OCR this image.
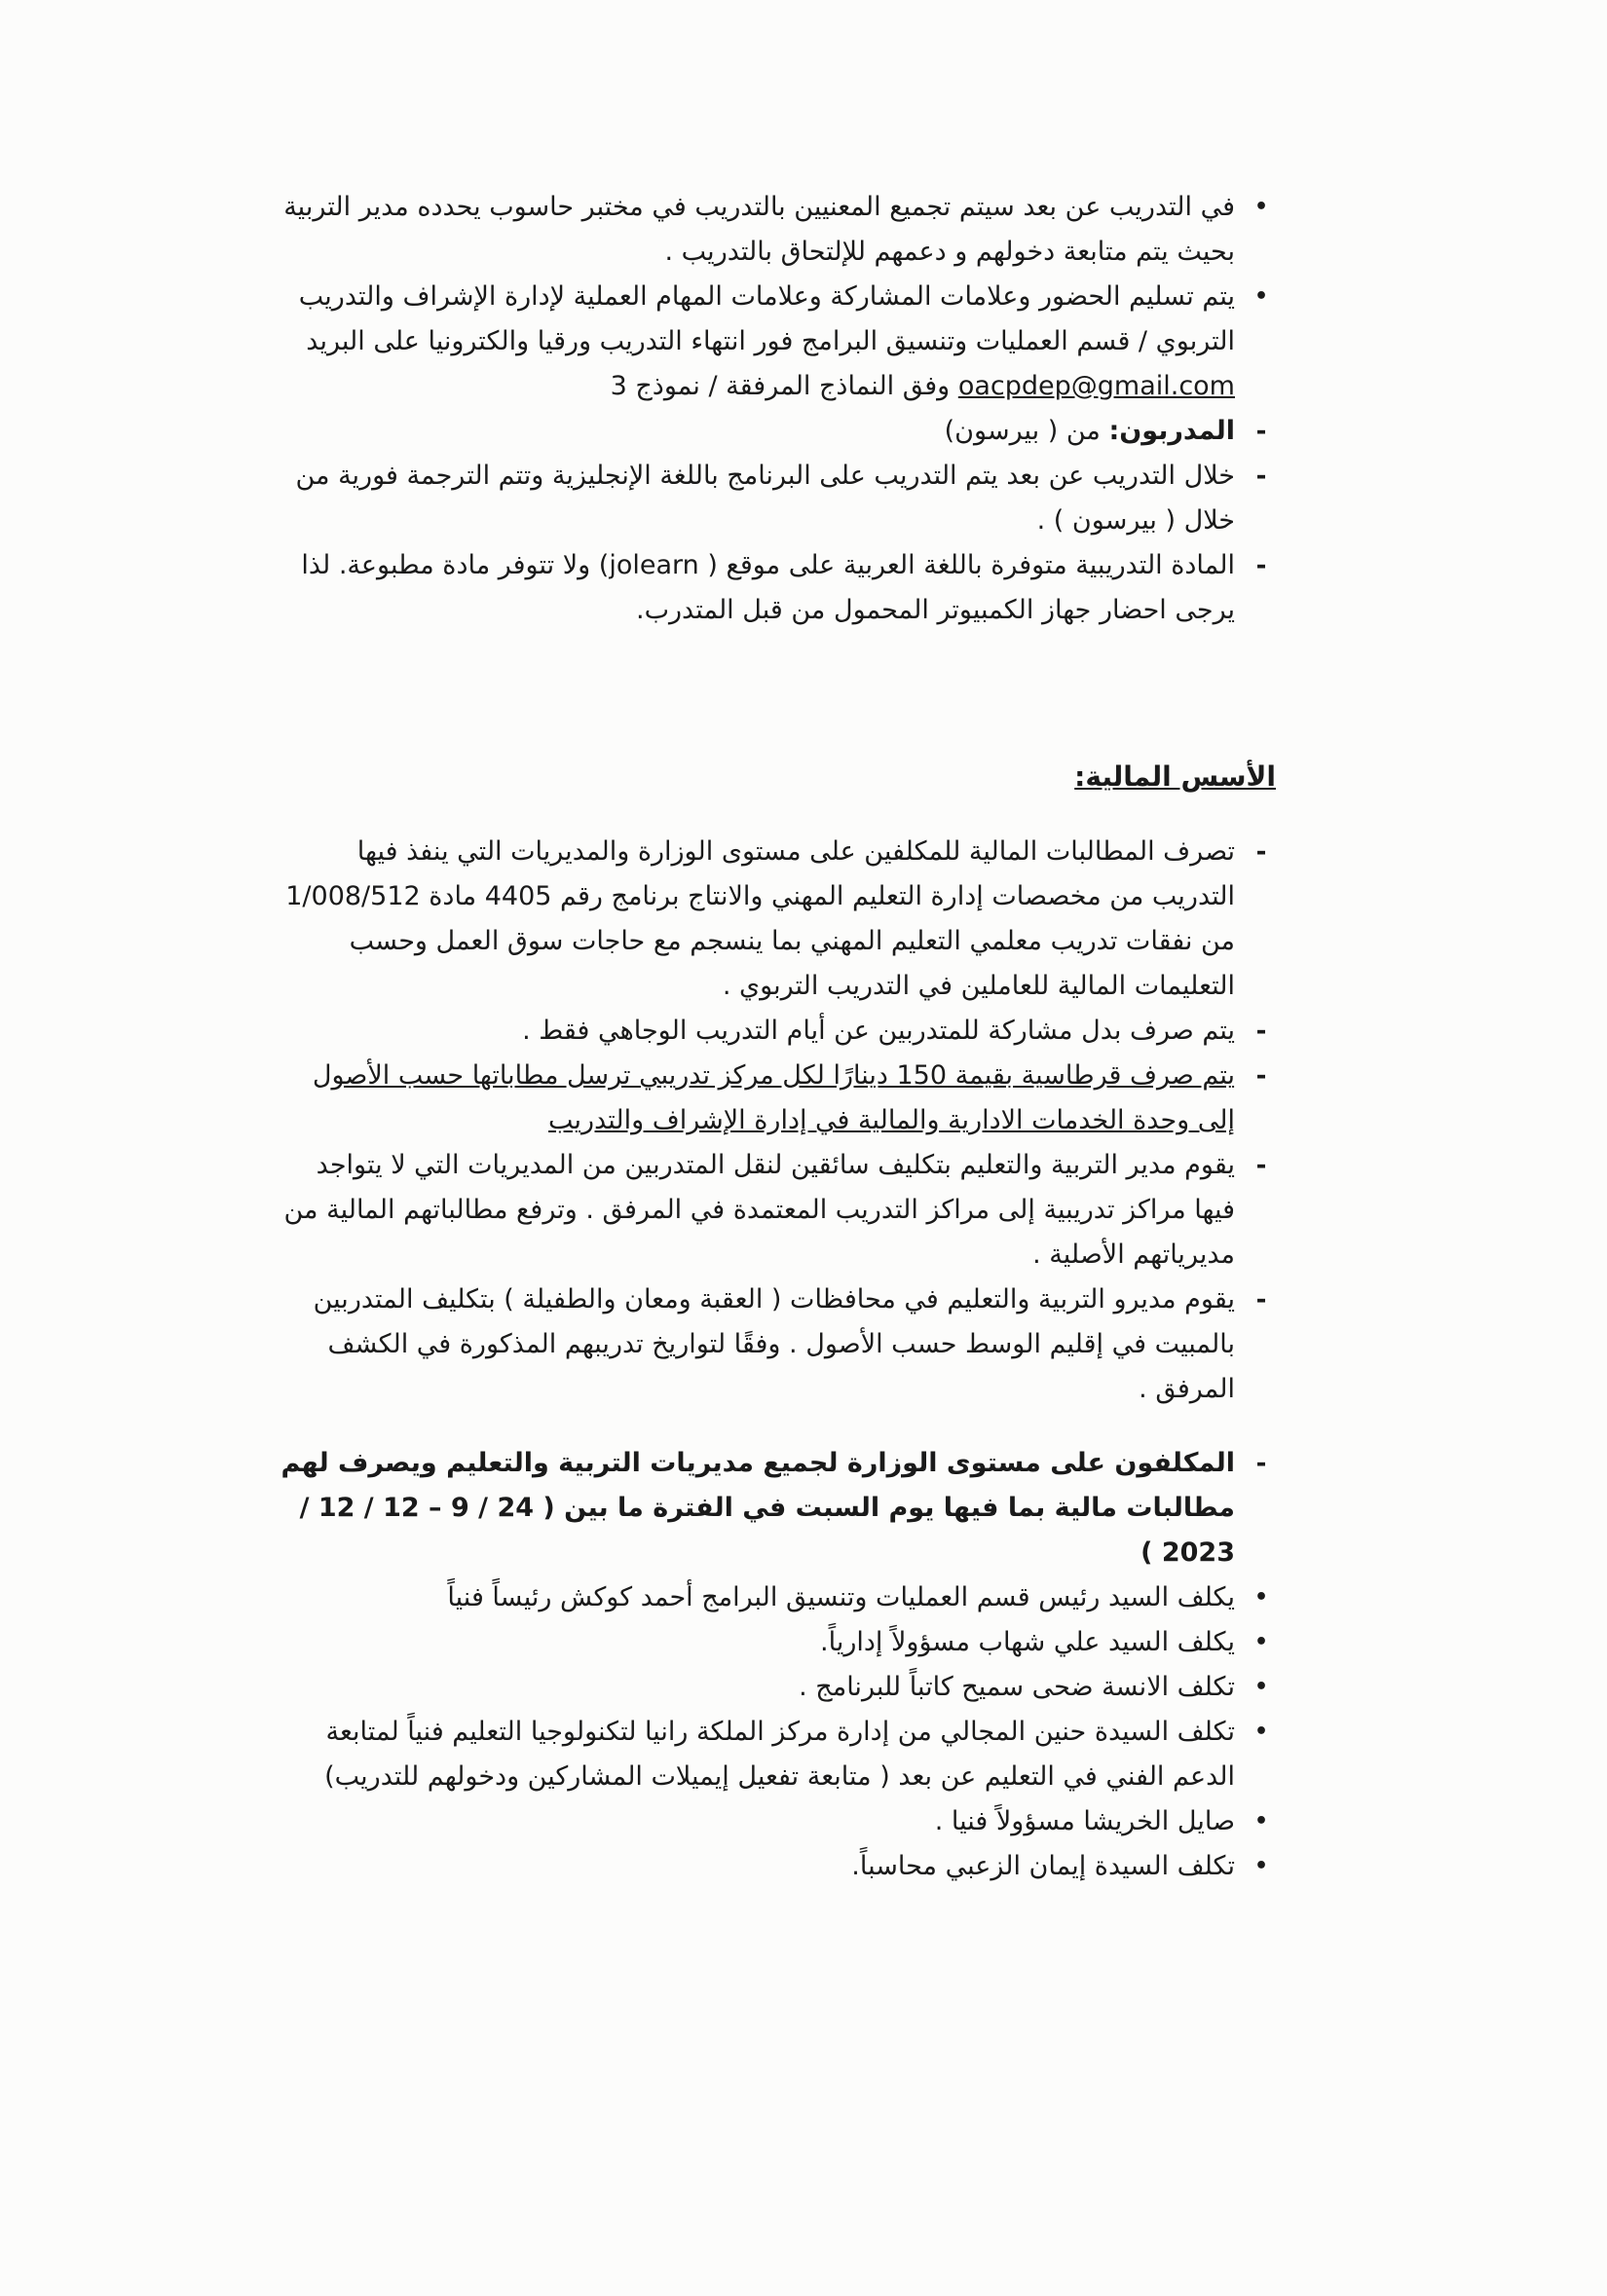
•
في التدريب عن بعد سيتم تجميع المعنيين بالتدريب في مختبر حاسوب يحدده مدير التربية بحيث يتم متابعة دخولهم و دعمهم للإلتحاق بالتدريب .
•
يتم تسليم الحضور وعلامات المشاركة وعلامات المهام العملية لإدارة الإشراف والتدريب التربوي / قسم العمليات وتنسيق البرامج فور انتهاء التدريب ورقيا والكترونيا على البريد oacpdep@gmail.com وفق النماذج المرفقة / نموذج 3
-
المدربون: من ( بيرسون)
-
خلال التدريب عن بعد يتم التدريب على البرنامج باللغة الإنجليزية وتتم الترجمة فورية من خلال ( بيرسون ) .
-
المادة التدريبية متوفرة باللغة العربية على موقع (jolearn ) ولا تتوفر مادة مطبوعة. لذا يرجى احضار جهاز الكمبيوتر المحمول من قبل المتدرب.
الأسس المالية:
-
تصرف المطالبات المالية للمكلفين على مستوى الوزارة والمديريات التي ينفذ فيها التدريب من مخصصات إدارة التعليم المهني والانتاج برنامج رقم 4405 مادة 1/008/512 من نفقات تدريب معلمي التعليم المهني بما ينسجم مع حاجات سوق العمل وحسب التعليمات المالية للعاملين في التدريب التربوي .
-
يتم صرف بدل مشاركة للمتدربين عن أيام التدريب الوجاهي فقط .
-
يتم صرف قرطاسية بقيمة 150 دينارًا لكل مركز تدريبي ترسل مطاباتها حسب الأصول إلى وحدة الخدمات الادارية والمالية في إدارة الإشراف والتدريب
-
يقوم مدير التربية والتعليم بتكليف سائقين لنقل المتدربين من المديريات التي لا يتواجد فيها مراكز تدريبية إلى مراكز التدريب المعتمدة في المرفق . وترفع مطالباتهم المالية من مديرياتهم الأصلية .
-
يقوم مديرو التربية والتعليم في محافظات ( العقبة ومعان والطفيلة ) بتكليف المتدربين بالمبيت في إقليم الوسط حسب الأصول . وفقًا لتواريخ تدريبهم المذكورة في الكشف المرفق .
-
المكلفون على مستوى الوزارة لجميع مديريات التربية والتعليم ويصرف لهم مطالبات مالية بما فيها يوم السبت في الفترة ما بين ( 24 / 9 – 12 / 12 / 2023 )
•
يكلف السيد رئيس قسم العمليات وتنسيق البرامج أحمد كوكش رئيساً فنياً
•
يكلف السيد علي شهاب مسؤولاً إدارياً.
•
تكلف الانسة ضحى سميح كاتباً للبرنامج .
•
تكلف السيدة حنين المجالي من إدارة مركز الملكة رانيا لتكنولوجيا التعليم فنياً لمتابعة الدعم الفني في التعليم عن بعد ( متابعة تفعيل إيميلات المشاركين ودخولهم للتدريب)
•
صايل الخريشا مسؤولاً فنيا .
•
تكلف السيدة إيمان الزعبي محاسباً.
